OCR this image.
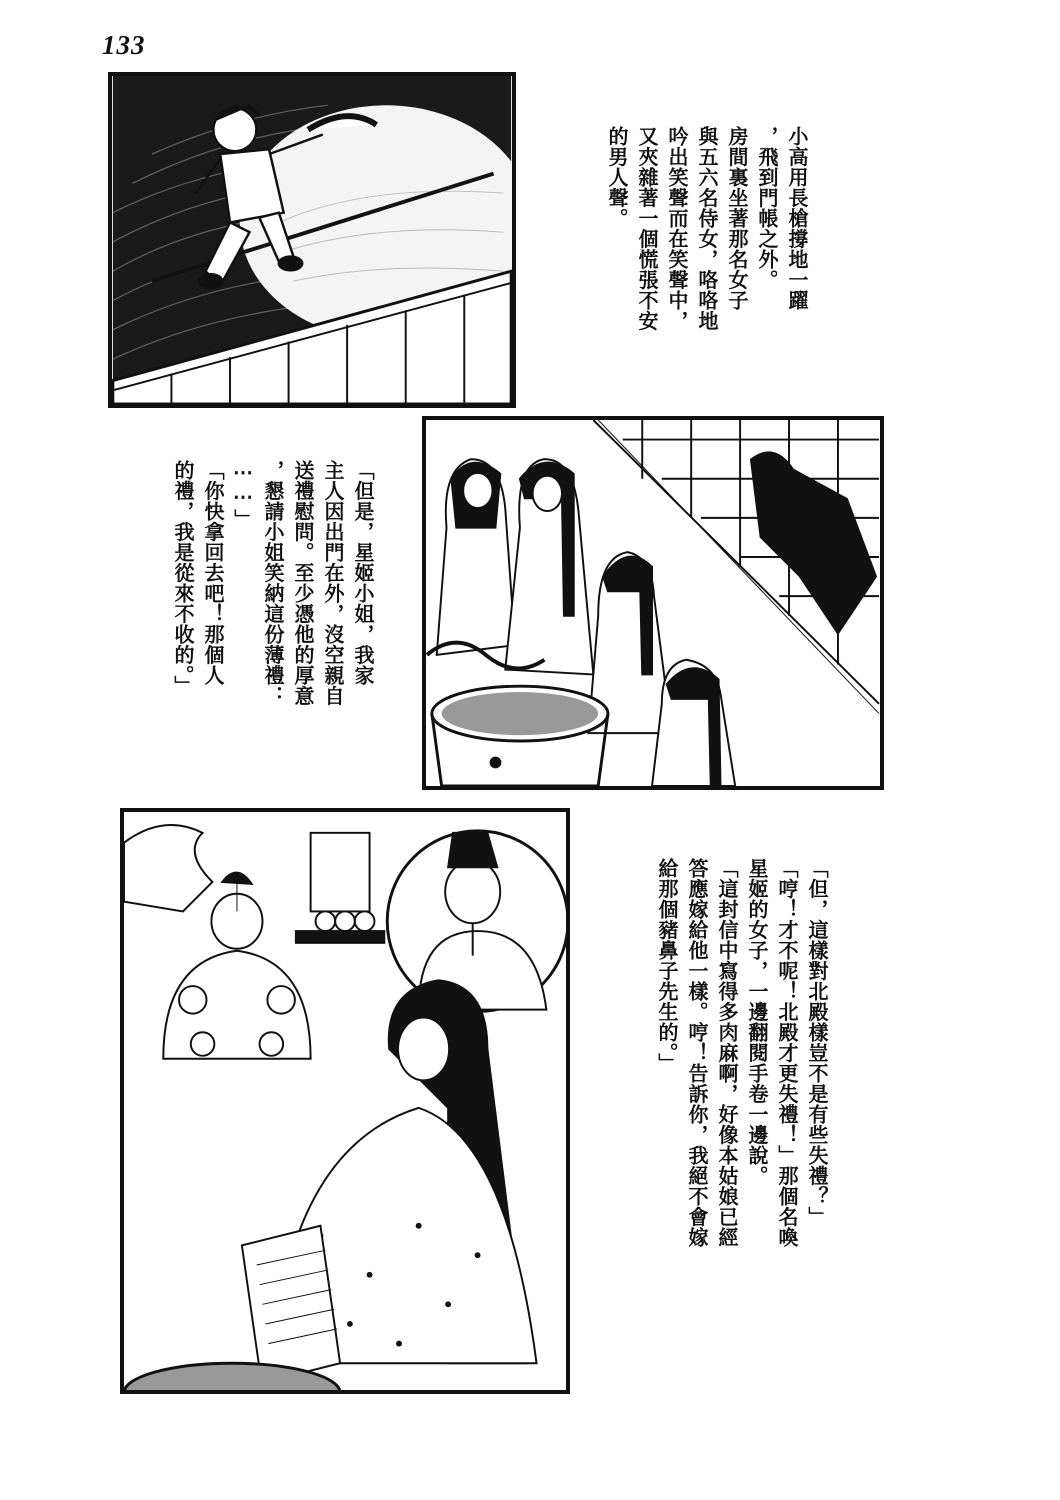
133
小高用長槍撐地一躍
，飛到門帳之外。
房間裏坐著那名女子
與五六名侍女，咯咯地
吟出笑聲而在笑聲中，
又夾雜著一個慌張不安
的男人聲。
「但是，星姬小姐，我家
主人因出門在外，沒空親自
送禮慰問。至少憑他的厚意
，懇請小姐笑納這份薄禮：
⋯⋯」
「你快拿回去吧！那個人
的禮，我是從來不收的。」
「但，這樣對北殿樣豈不是有些失禮？」
「哼！才不呢！北殿才更失禮！」那個名喚
星姬的女子，一邊翻閱手卷一邊說。
「這封信中寫得多肉麻啊，好像本姑娘已經
答應嫁給他一樣。哼！告訴你，我絕不會嫁
給那個豬鼻子先生的。」
